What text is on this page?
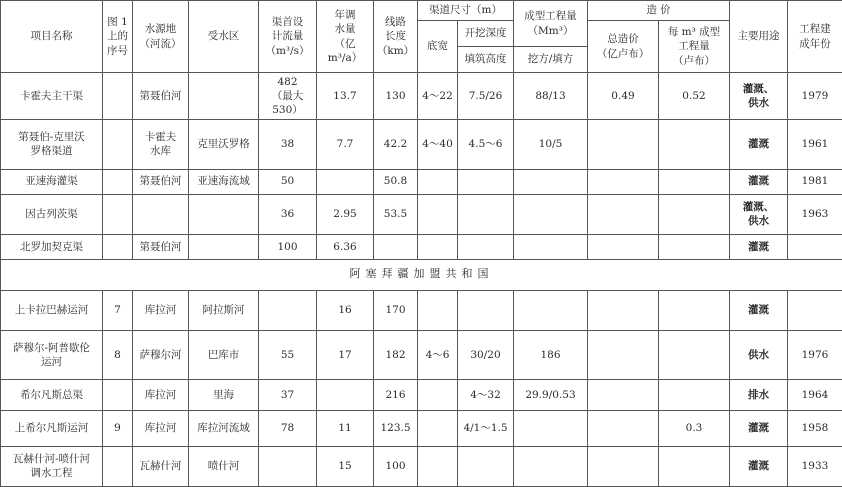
项目名称	图 1
上的
序号	水源地
（河流）	受水区	渠首设
计流量
（m³/s）	年调
水量
（亿 m³/a）	线路
长度
（km）	渠道尺寸（m）		成型工程量
（Mm³）	造 价		主要用途	工程建
成年份

							底宽	开挖深度		总造价
（亿卢布）	每 m³ 成型
工程量
（卢布）		

								填筑高度	挖方/填方				

卡霍夫主干渠		第聂伯河		482
（最大530）	13.7	130	4～22	7.5/26	88/13	0.49	0.52	灌溉、
供水	1979

第聂伯-克里沃
罗格渠道		卡霍夫
水库	克里沃罗格	38	7.7	42.2	4～40	4.5～6	10/5			灌溉	1961

亚速海灌渠		第聂伯河	亚速海流域	50		50.8						灌溉	1981

因古列茨渠				36	2.95	53.5						灌溉、
供水	1963

北罗加契克渠		第聂伯河		100	6.36							灌溉	

阿塞拜疆加盟共和国													

上卡拉巴赫运河	7	库拉河	阿拉斯河		16	170						灌溉	

萨穆尔-阿普歇伦
运河	8	萨穆尔河	巴库市	55	17	182	4～6	30/20	186			供水	1976

希尔凡斯总渠		库拉河	里海	37		216		4～32	29.9/0.53			排水	1964

上希尔凡斯运河	9	库拉河	库拉河流域	78	11	123.5		4/1～1.5			0.3	灌溉	1958

瓦赫什河-喷什河
调水工程		瓦赫什河	喷什河		15	100						灌溉	1933
